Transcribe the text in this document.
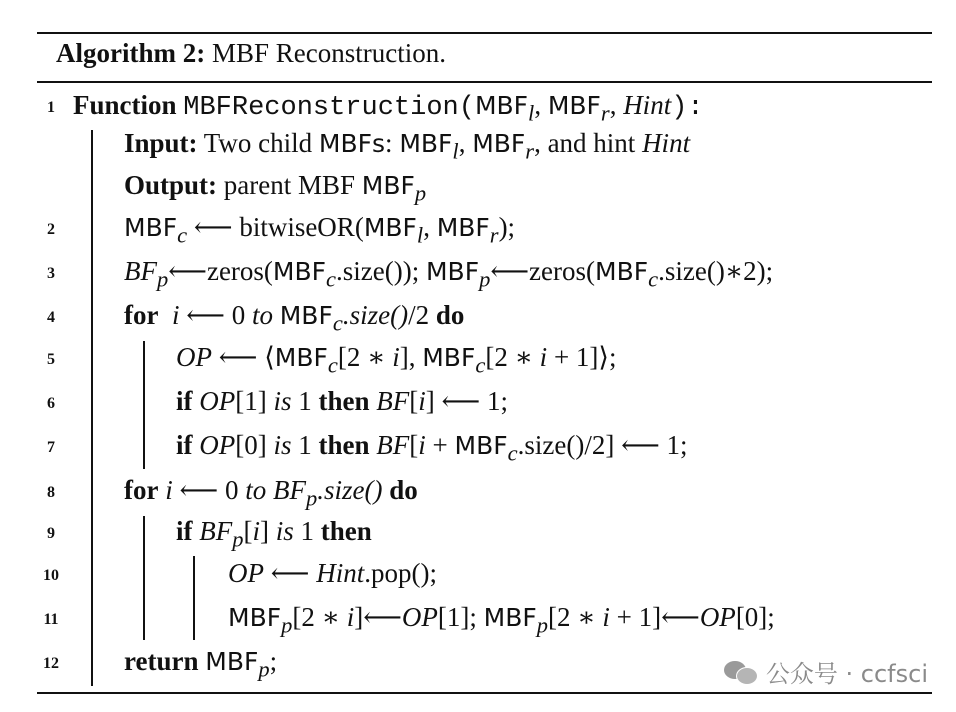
Algorithm 2: MBF Reconstruction.
1 Function $MBFReconstruction(MBF_l$, $MBF_r$, Hint):
Input: Two child MBFs: $MBF_l$, $MBF_r$, and hint Hint
Output: parent MBF $MBF_p$
2	$MBF_c$ ⟵ $bitwiseOR(MBF_l$, $MBF_r$);
3	$BF_p⟵zeros(MBF_c.size())$; $MBF_p⟵zeros(MBF_c.size()∗2)$;
4	for i ⟵ 0 to $MBF_c.size()/2$ do
5	OP ⟵ $⟨MBF_c[2$ ∗ i], $MBF_c[2$ ∗ i + 1]⟩;
6	if OP[1] is 1 then BF[i] ⟵ 1;
7	if OP[0] is 1 then $BF[i + MBF_c.size()/2]$ ⟵ 1;
8	for i ⟵ 0 to $BF_p.size()$ do
9	if $BF_p[i]$ is 1 then
10	OP ⟵ Hint.pop();
11	$MBF_p[2$ ∗ i]⟵OP[1]; $MBF_p[2$ ∗ i + 1]⟵OP[0];
12	return $MBF_p$;	公众号 · ccfsci
